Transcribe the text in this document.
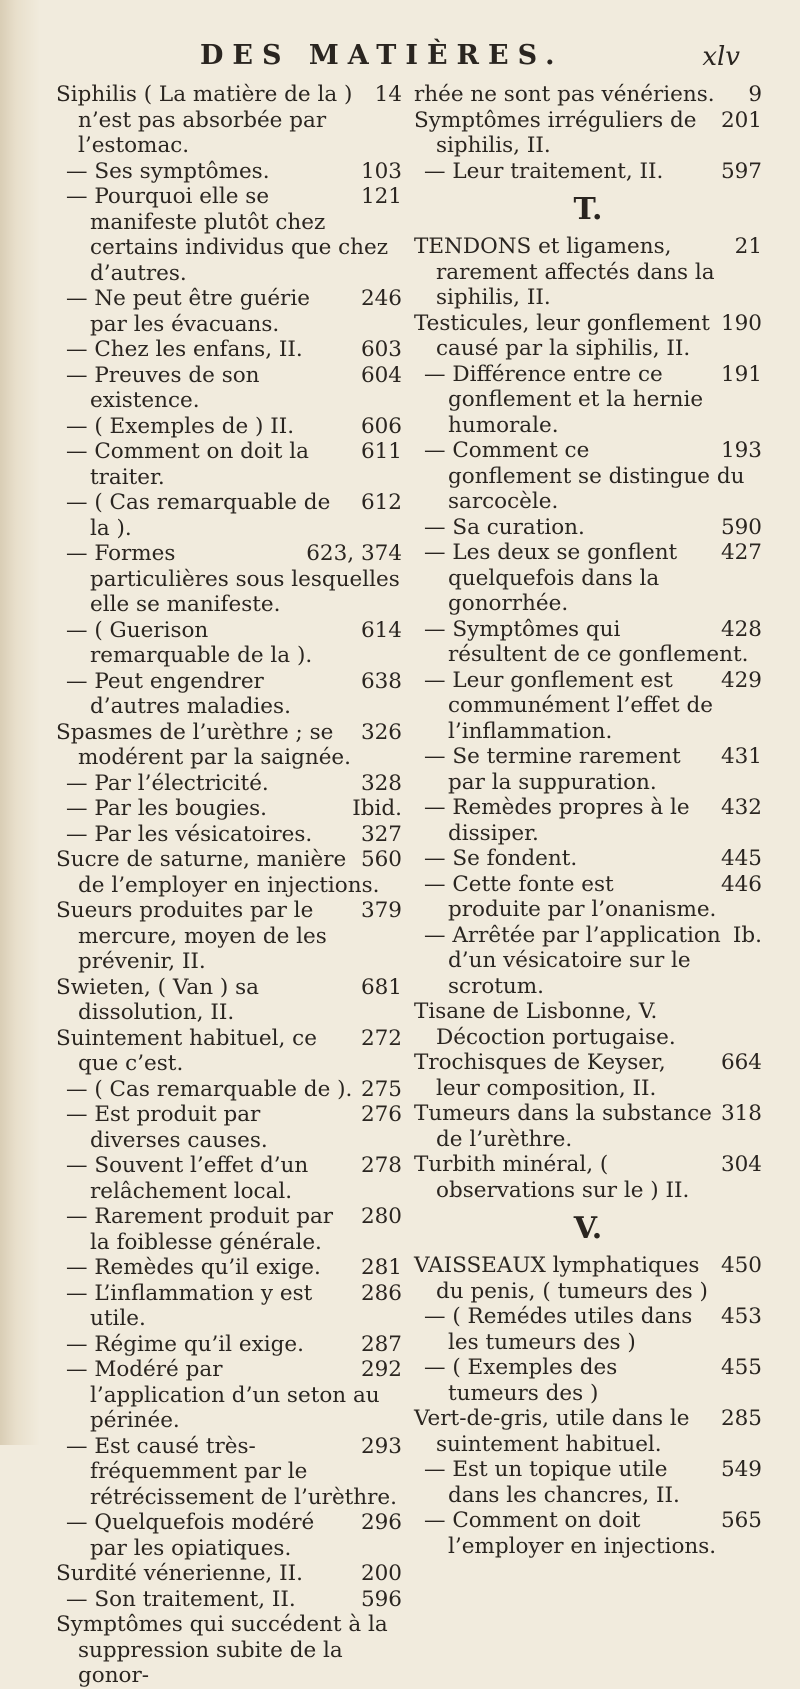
DES MATIÈRES.	xlv

14
Siphilis ( La matière de la ) n’est pas absorbée par l’estomac.

103
— Ses symptômes.

121
— Pourquoi elle se manifeste plutôt chez certains individus que chez d’autres.

246
— Ne peut être guérie par les évacuans.

603
— Chez les enfans, II.

604
— Preuves de son existence.

606
— ( Exemples de ) II.

611
— Comment on doit la traiter.

612
— ( Cas remarquable de la ).

623, 374
— Formes particulières sous lesquelles elle se manifeste.

614
— ( Guerison remarquable de la ).

638
— Peut engendrer d’autres maladies.

326
Spasmes de l’urèthre ; se modérent par la saignée.

328
— Par l’électricité.

Ibid.
— Par les bougies.

327
— Par les vésicatoires.

560
Sucre de saturne, manière de l’employer en injections.

379
Sueurs produites par le mercure, moyen de les prévenir, II.

681
Swieten, ( Van ) sa dissolution, II.

272
Suintement habituel, ce que c’est.

275
— ( Cas remarquable de ).

276
— Est produit par diverses causes.

278
— Souvent l’effet d’un relâchement local.

280
— Rarement produit par la foiblesse générale.

281
— Remèdes qu’il exige.

286
— L’inflammation y est utile.

287
— Régime qu’il exige.

292
— Modéré par l’application d’un seton au périnée.

293
— Est causé très-fréquemment par le rétrécissement de l’urèthre.

296
— Quelquefois modéré par les opiatiques.

200
Surdité vénerienne, II.

596
— Son traitement, II.

Symptômes qui succédent à la suppression subite de la gonor-

9
rhée ne sont pas vénériens.

201
Symptômes irréguliers de siphilis, II.

597
— Leur traitement, II.

T.

21
TENDONS et ligamens, rarement affectés dans la siphilis, II.

190
Testicules, leur gonflement causé par la siphilis, II.

191
— Différence entre ce gonflement et la hernie humorale.

193
— Comment ce gonflement se distingue du sarcocèle.

590
— Sa curation.

427
— Les deux se gonflent quelquefois dans la gonorrhée.

428
— Symptômes qui résultent de ce gonflement.

429
— Leur gonflement est communément l’effet de l’inflammation.

431
— Se termine rarement par la suppuration.

432
— Remèdes propres à le dissiper.

445
— Se fondent.

446
— Cette fonte est produite par l’onanisme.

Ib.
— Arrêtée par l’application d’un vésicatoire sur le scrotum.

Tisane de Lisbonne, V. Décoction portugaise.

664
Trochisques de Keyser, leur composition, II.

318
Tumeurs dans la substance de l’urèthre.

304
Turbith minéral, ( observations sur le ) II.

V.

450
VAISSEAUX lymphatiques du penis, ( tumeurs des )

453
— ( Remédes utiles dans les tumeurs des )

455
— ( Exemples des tumeurs des )

285
Vert-de-gris, utile dans le suintement habituel.

549
— Est un topique utile dans les chancres, II.

565
— Comment on doit l’employer en injections.
